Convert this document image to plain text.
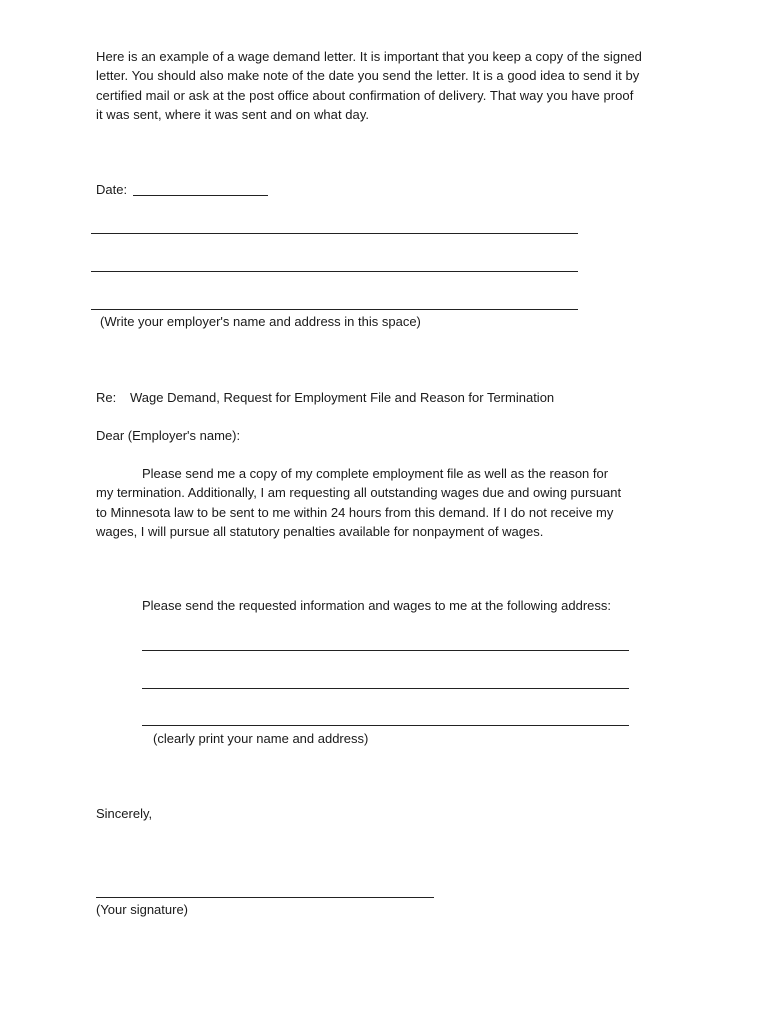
Here is an example of a wage demand letter. It is important that you keep a copy of the signed

letter. You should also make note of the date you send the letter. It is a good idea to send it by

certified mail or ask at the post office about confirmation of delivery. That way you have proof

it was sent, where it was sent and on what day.

Date:
(Write your employer's name and address in this space)
Re: Wage Demand, Request for Employment File and Reason for Termination
Dear (Employer's name):
Please send me a copy of my complete employment file as well as the reason for
my termination. Additionally, I am requesting all outstanding wages due and owing pursuant
to Minnesota law to be sent to me within 24 hours from this demand. If I do not receive my
wages, I will pursue all statutory penalties available for nonpayment of wages.
Please send the requested information and wages to me at the following address:
(clearly print your name and address)
Sincerely,
(Your signature)
